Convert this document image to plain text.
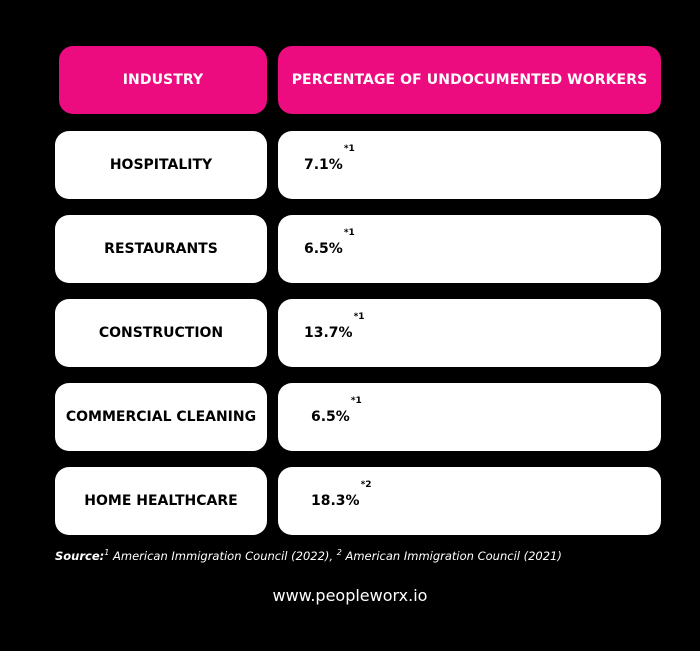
INDUSTRY	PERCENTAGE OF UNDOCUMENTED WORKERS
HOSPITALITY	7.1%
*1
RESTAURANTS	6.5%
*1
CONSTRUCTION	13.7%
*1
COMMERCIAL CLEANING	6.5%
*1
HOME HEALTHCARE	18.3%
*2
Source:$^1$ American Immigration Council (2022), $^2$ American Immigration Council (2021)
www.peopleworx.io
